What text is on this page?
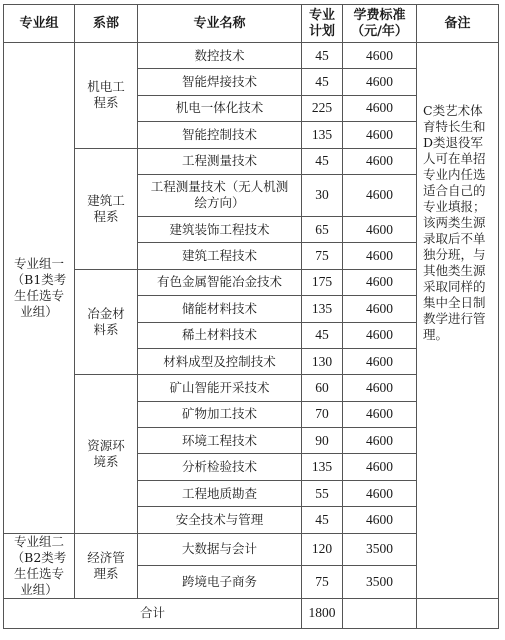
专业组	系部	专业名称	专业计划	学费标准（元/年）	备注
专业组一（B1类考生任选专业组）	机电工程系	数控技术	45	4600	C类艺术体育特长生和D类退役军人可在单招专业内任选适合自己的专业填报；该两类生源录取后不单独分班，与其他类生源采取同样的集中全日制教学进行管理。

		智能焊接技术	45	4600	
		机电一体化技术	225	4600	
		智能控制技术	135	4600	
	建筑工程系	工程测量技术	45	4600	
		工程测量技术（无人机测绘方向）	30	4600	
		建筑装饰工程技术	65	4600	
		建筑工程技术	75	4600	
	冶金材料系	有色金属智能冶金技术	175	4600	
		储能材料技术	135	4600	
		稀土材料技术	45	4600	
		材料成型及控制技术	130	4600	
	资源环境系	矿山智能开采技术	60	4600	
		矿物加工技术	70	4600	
		环境工程技术	90	4600	
		分析检验技术	135	4600	
		工程地质勘查	55	4600	
		安全技术与管理	45	4600	
专业组二（B2类考生任选专业组）	经济管理系	大数据与会计	120	3500	
		跨境电子商务	75	3500	
合计			1800		
